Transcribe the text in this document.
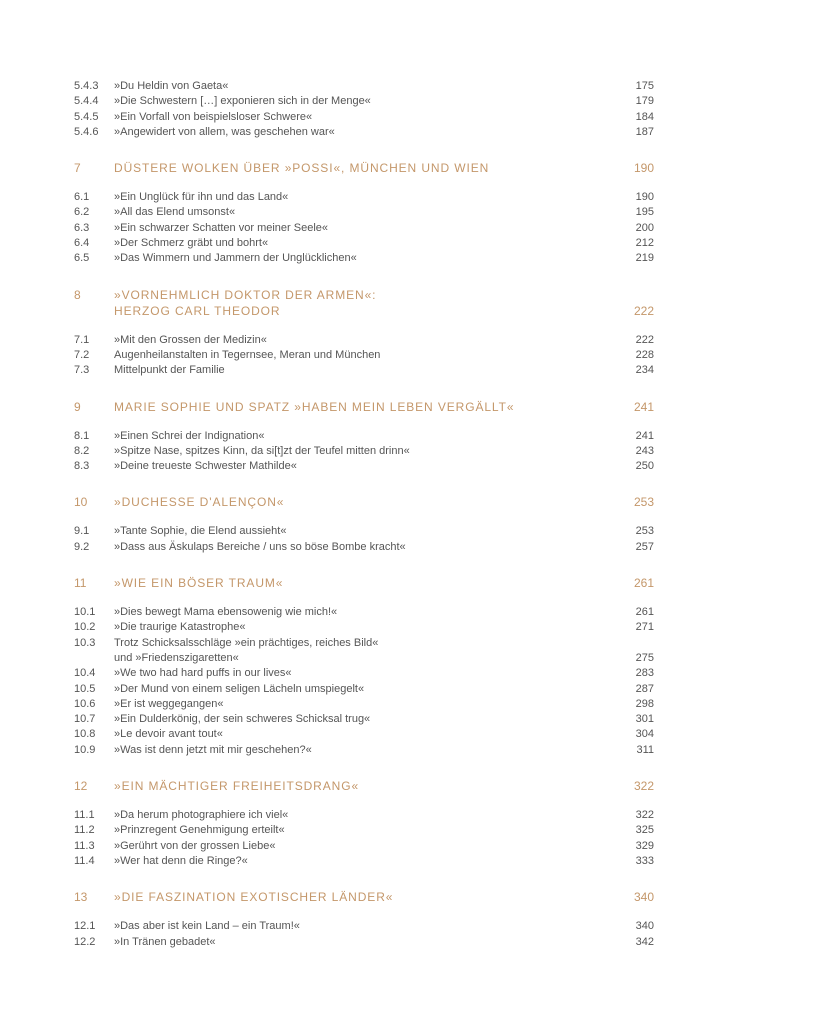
5.4.3	»Du Heldin von Gaeta«	175
5.4.4	»Die Schwestern […] exponieren sich in der Menge«	179
5.4.5	»Ein Vorfall von beispielsloser Schwere«	184
5.4.6	»Angewidert von allem, was geschehen war«	187
7	DÜSTERE WOLKEN ÜBER »POSSI«, MÜNCHEN UND WIEN	190
6.1	»Ein Unglück für ihn und das Land«	190
6.2	»All das Elend umsonst«	195
6.3	»Ein schwarzer Schatten vor meiner Seele«	200
6.4	»Der Schmerz gräbt und bohrt«	212
6.5	»Das Wimmern und Jammern der Unglücklichen«	219
8	»VORNEHMLICH DOKTOR DER ARMEN«:
HERZOG CARL THEODOR	222
7.1	»Mit den Grossen der Medizin«	222
7.2	Augenheilanstalten in Tegernsee, Meran und München	228
7.3	Mittelpunkt der Familie	234
9	MARIE SOPHIE UND SPATZ »HABEN MEIN LEBEN VERGÄLLT«	241
8.1	»Einen Schrei der Indignation«	241
8.2	»Spitze Nase, spitzes Kinn, da si[t]zt der Teufel mitten drinn«	243
8.3	»Deine treueste Schwester Mathilde«	250
10	»DUCHESSE D'ALENÇON«	253
9.1	»Tante Sophie, die Elend aussieht«	253
9.2	»Dass aus Äskulaps Bereiche / uns so böse Bombe kracht«	257
11	»WIE EIN BÖSER TRAUM«	261
10.1	»Dies bewegt Mama ebensowenig wie mich!«	261
10.2	»Die traurige Katastrophe«	271
10.3	Trotz Schicksalsschläge »ein prächtiges, reiches Bild«
und »Friedenszigaretten«	275
10.4	»We two had hard puffs in our lives«	283
10.5	»Der Mund von einem seligen Lächeln umspiegelt«	287
10.6	»Er ist weggegangen«	298
10.7	»Ein Dulderkönig, der sein schweres Schicksal trug«	301
10.8	»Le devoir avant tout«	304
10.9	»Was ist denn jetzt mit mir geschehen?«	311
12	»EIN MÄCHTIGER FREIHEITSDRANG«	322
11.1	»Da herum photographiere ich viel«	322
11.2	»Prinzregent Genehmigung erteilt«	325
11.3	»Gerührt von der grossen Liebe«	329
11.4	»Wer hat denn die Ringe?«	333
13	»DIE FASZINATION EXOTISCHER LÄNDER«	340
12.1	»Das aber ist kein Land – ein Traum!«	340
12.2	»In Tränen gebadet«	342
